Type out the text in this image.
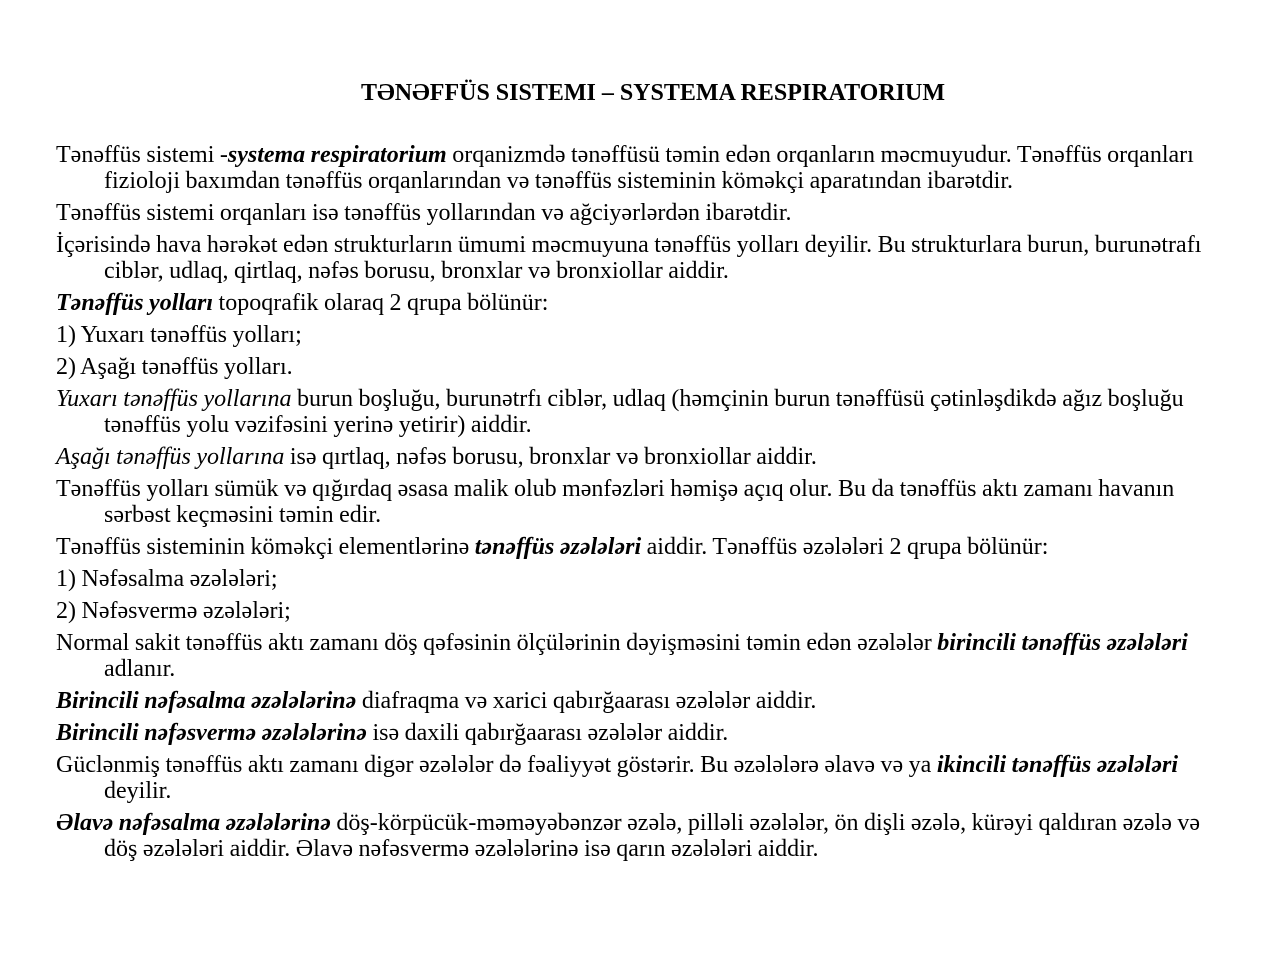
TƏNƏFFÜS SISTEMI – SYSTEMA RESPIRATORIUM

Tənəffüs sistemi -systema respiratorium orqanizmdə tənəffüsü təmin edən orqanların məcmuyudur. Tənəffüs orqanları fizioloji baxımdan tənəffüs orqanlarından və tənəffüs sisteminin köməkçi aparatından ibarətdir.

Tənəffüs sistemi orqanları isə tənəffüs yollarından və ağciyərlərdən ibarətdir.

İçərisində hava hərəkət edən strukturların ümumi məcmuyuna tənəffüs yolları deyilir. Bu strukturlara burun, burunətrafı ciblər, udlaq, qirtlaq, nəfəs borusu, bronxlar və bronxiollar aiddir.

Tənəffüs yolları topoqrafik olaraq 2 qrupa bölünür:

1) Yuxarı tənəffüs yolları;

2) Aşağı tənəffüs yolları.

Yuxarı tənəffüs yollarına burun boşluğu, burunətrfı ciblər, udlaq (həmçinin burun tənəffüsü çətinləşdikdə ağız boşluğu tənəffüs yolu vəzifəsini yerinə yetirir) aiddir.

Aşağı tənəffüs yollarına isə qırtlaq, nəfəs borusu, bronxlar və bronxiollar aiddir.

Tənəffüs yolları sümük və qığırdaq əsasa malik olub mənfəzləri həmişə açıq olur. Bu da tənəffüs aktı zamanı havanın sərbəst keçməsini təmin edir.

Tənəffüs sisteminin köməkçi elementlərinə tənəffüs əzələləri aiddir. Tənəffüs əzələləri 2 qrupa bölünür:

1) Nəfəsalma əzələləri;

2) Nəfəsvermə əzələləri;

Normal sakit tənəffüs aktı zamanı döş qəfəsinin ölçülərinin dəyişməsini təmin edən əzələlər birincili tənəffüs əzələləri adlanır.

Birincili nəfəsalma əzələlərinə diafraqma və xarici qabırğaarası əzələlər aiddir.

Birincili nəfəsvermə əzələlərinə isə daxili qabırğaarası əzələlər aiddir.

Güclənmiş tənəffüs aktı zamanı digər əzələlər də fəaliyyət göstərir. Bu əzələlərə əlavə və ya ikincili tənəffüs əzələləri deyilir.

Əlavə nəfəsalma əzələlərinə döş-körpücük-məməyəbənzər əzələ, pilləli əzələlər, ön dişli əzələ, kürəyi qaldıran əzələ və döş əzələləri aiddir. Əlavə nəfəsvermə əzələlərinə isə qarın əzələləri aiddir.
